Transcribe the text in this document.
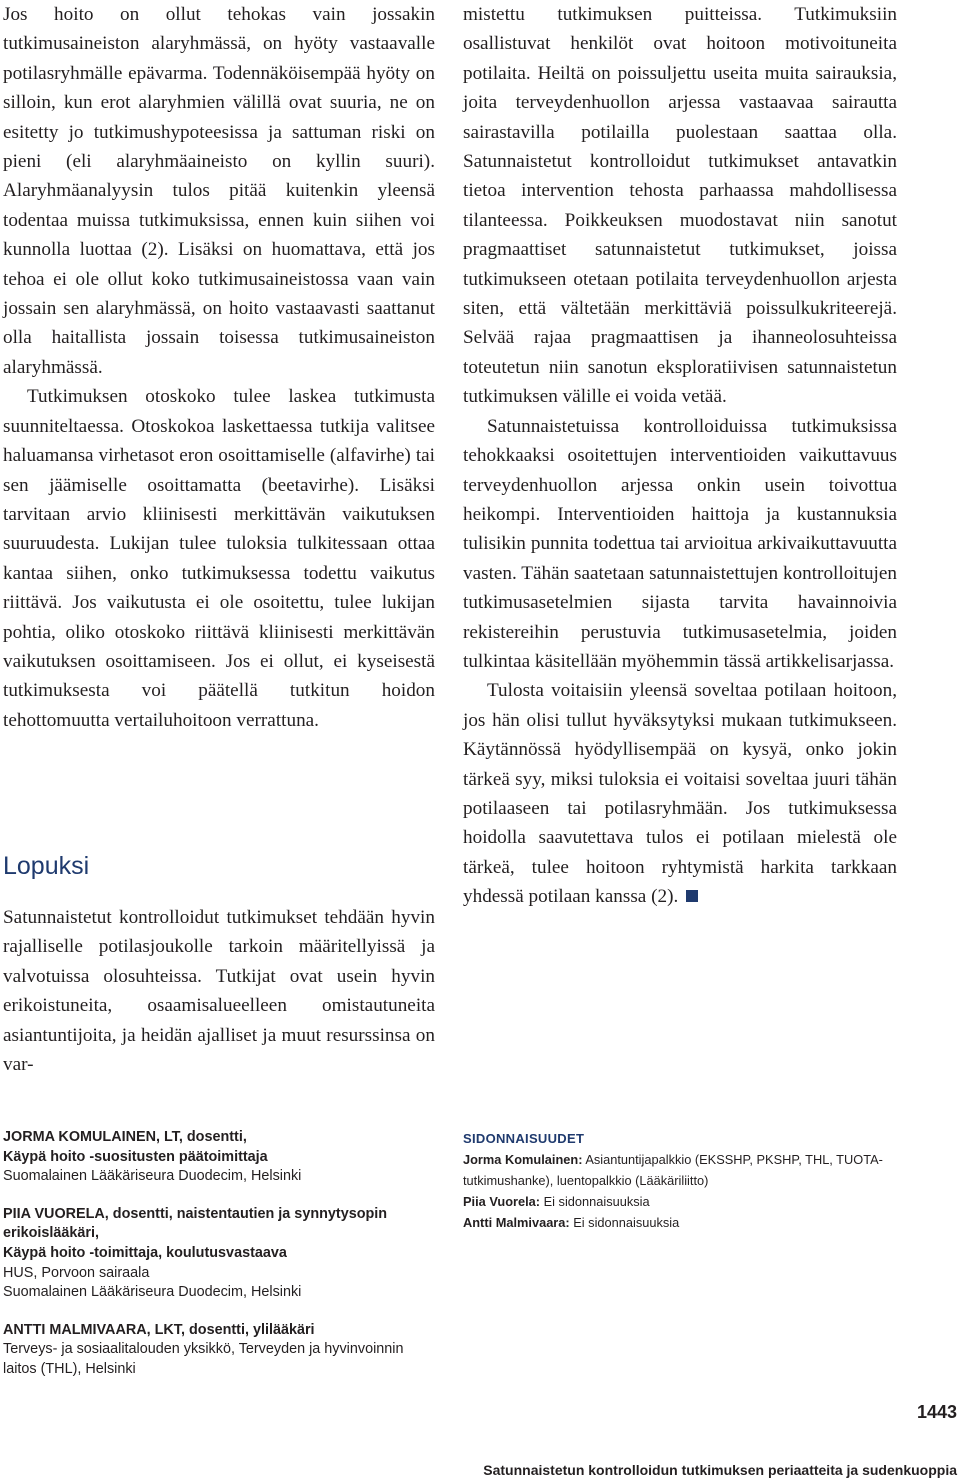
Jos hoito on ollut tehokas vain jossakin tutkimusaineiston alaryhmässä, on hyöty vastaavalle potilasryhmälle epävarma. Todennäköisempää hyöty on silloin, kun erot alaryhmien välillä ovat suuria, ne on esitetty jo tutkimushypoteesissa ja sattuman riski on pieni (eli alaryhmäaineisto on kyllin suuri). Alaryhmäanalyysin tulos pitää kuitenkin yleensä todentaa muissa tutkimuksissa, ennen kuin siihen voi kunnolla luottaa (2). Lisäksi on huomattava, että jos tehoa ei ole ollut koko tutkimusaineistossa vaan vain jossain sen alaryhmässä, on hoito vastaavasti saattanut olla haitallista jossain toisessa tutkimusaineiston alaryhmässä.

Tutkimuksen otoskoko tulee laskea tutkimusta suunniteltaessa. Otoskokoa laskettaessa tutkija valitsee haluamansa virhetasot eron osoittamiselle (alfavirhe) tai sen jäämiselle osoittamatta (beetavirhe). Lisäksi tarvitaan arvio kliinisesti merkittävän vaikutuksen suuruudesta. Lukijan tulee tuloksia tulkitessaan ottaa kantaa siihen, onko tutkimuksessa todettu vaikutus riittävä. Jos vaikutusta ei ole osoitettu, tulee lukijan pohtia, oliko otoskoko riittävä kliinisesti merkittävän vaikutuksen osoittamiseen. Jos ei ollut, ei kyseisestä tutkimuksesta voi päätellä tutkitun hoidon tehottomuutta vertailuhoitoon verrattuna.

Lopuksi

Satunnaistetut kontrolloidut tutkimukset tehdään hyvin rajalliselle potilasjoukolle tarkoin määritellyissä ja valvotuissa olosuhteissa. Tutkijat ovat usein hyvin erikoistuneita, osaamisalueelleen omistautuneita asiantuntijoita, ja heidän ajalliset ja muut resurssinsa on var-

mistettu tutkimuksen puitteissa. Tutkimuksiin osallistuvat henkilöt ovat hoitoon motivoituneita potilaita. Heiltä on poissuljettu useita muita sairauksia, joita terveydenhuollon arjessa vastaavaa sairautta sairastavilla potilailla puolestaan saattaa olla. Satunnaistetut kontrolloidut tutkimukset antavatkin tietoa intervention tehosta parhaassa mahdollisessa tilanteessa. Poikkeuksen muodostavat niin sanotut pragmaattiset satunnaistetut tutkimukset, joissa tutkimukseen otetaan potilaita terveydenhuollon arjesta siten, että vältetään merkittäviä poissulkukriteerejä. Selvää rajaa pragmaattisen ja ihanneolosuhteissa toteutetun niin sanotun eksploratiivisen satunnaistetun tutkimuksen välille ei voida vetää.

Satunnaistetuissa kontrolloiduissa tutkimuksissa tehokkaaksi osoitettujen interventioiden vaikuttavuus terveydenhuollon arjessa onkin usein toivottua heikompi. Interventioiden haittoja ja kustannuksia tulisikin punnita todettua tai arvioitua arkivaikuttavuutta vasten. Tähän saatetaan satunnaistettujen kontrolloitujen tutkimusasetelmien sijasta tarvita havainnoivia rekistereihin perustuvia tutkimusasetelmia, joiden tulkintaa käsitellään myöhemmin tässä artikkelisarjassa.

Tulosta voitaisiin yleensä soveltaa potilaan hoitoon, jos hän olisi tullut hyväksytyksi mukaan tutkimukseen. Käytännössä hyödyllisempää on kysyä, onko jokin tärkeä syy, miksi tuloksia ei voitaisi soveltaa juuri tähän potilaaseen tai potilasryhmään. Jos tutkimuksessa hoidolla saavutettava tulos ei potilaan mielestä ole tärkeä, tulee hoitoon ryhtymistä harkita tarkkaan yhdessä potilaan kanssa (2).

JORMA KOMULAINEN, LT, dosentti,
Käypä hoito -suositusten päätoimittaja
Suomalainen Lääkäriseura Duodecim, Helsinki
PIIA VUORELA, dosentti, naistentautien ja synnytysopin erikoislääkäri,
Käypä hoito -toimittaja, koulutusvastaava
HUS, Porvoon sairaala
Suomalainen Lääkäriseura Duodecim, Helsinki
ANTTI MALMIVAARA, LKT, dosentti, ylilääkäri
Terveys- ja sosiaalitalouden yksikkö, Terveyden ja hyvinvoinnin laitos (THL), Helsinki
SIDONNAISUUDET
Jorma Komulainen: Asiantuntijapalkkio (EKSSHP, PKSHP, THL, TUOTA-tutkimushanke), luentopalkkio (Lääkäriliitto)
Piia Vuorela: Ei sidonnaisuuksia
Antti Malmivaara: Ei sidonnaisuuksia
1443
Satunnaistetun kontrolloidun tutkimuksen periaatteita ja sudenkuoppia
